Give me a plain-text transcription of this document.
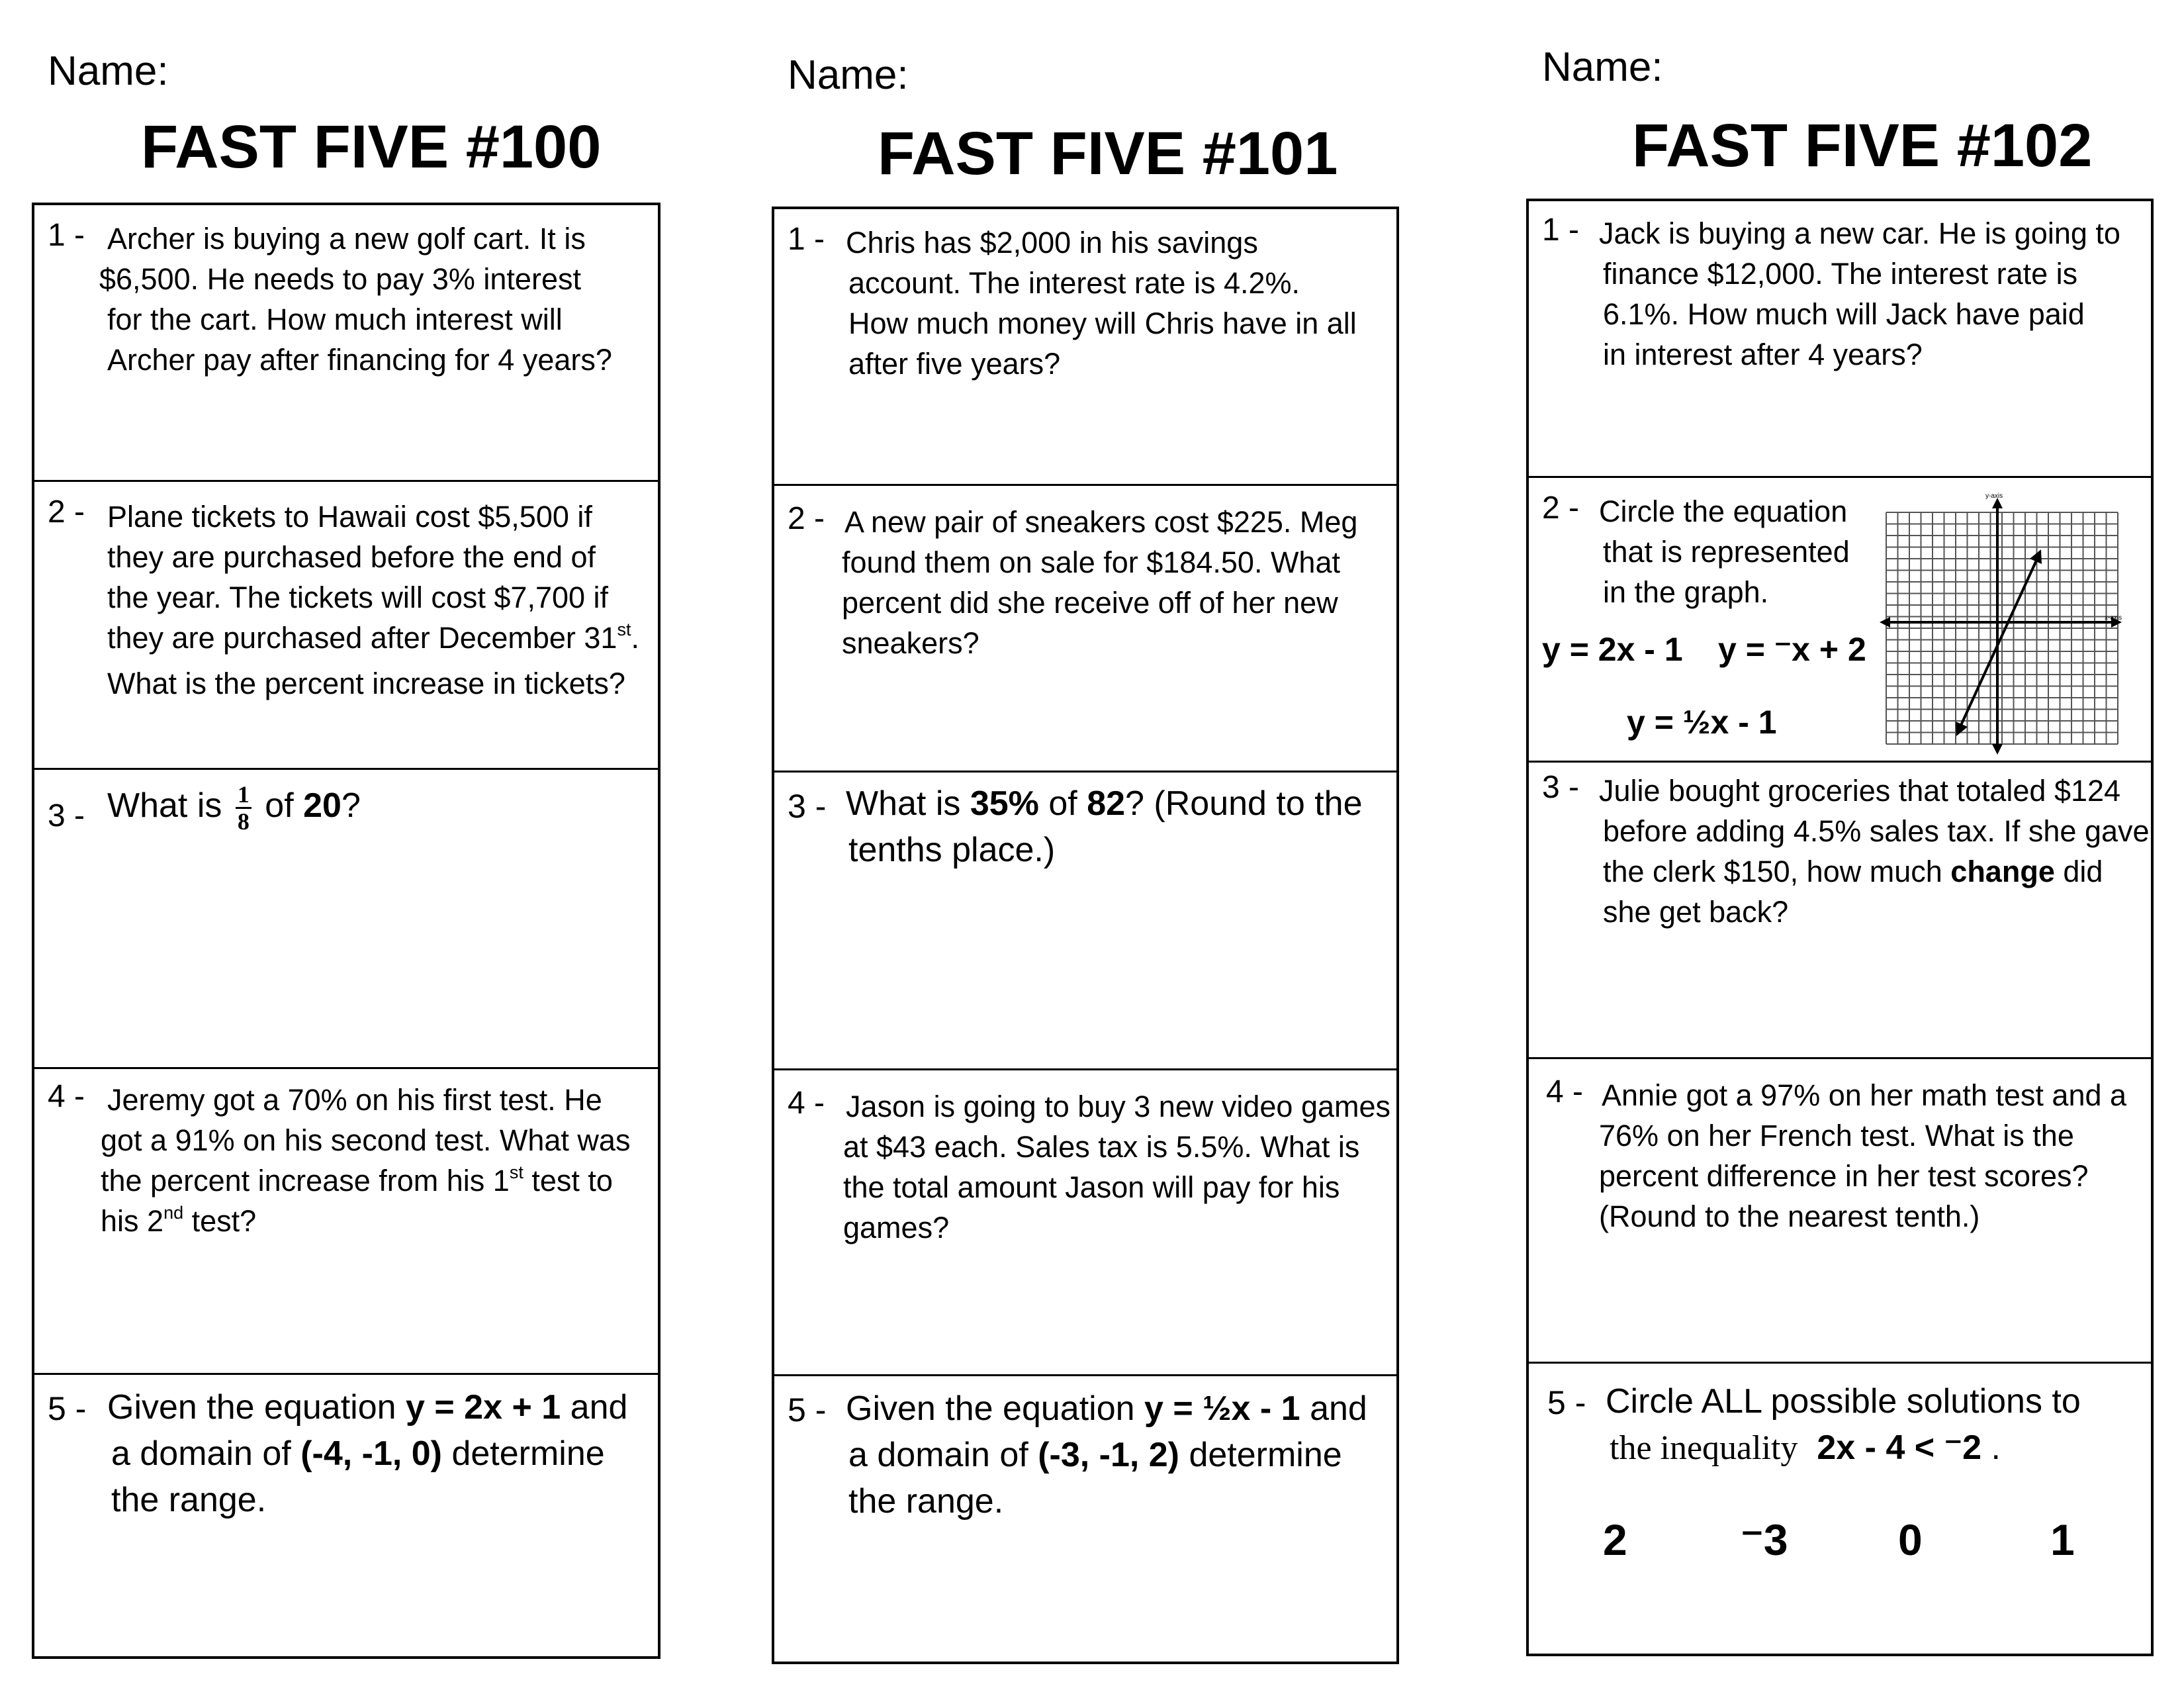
Name:
FAST FIVE #100
1 - Archer is buying a new golf cart. It is
$6,500. He needs to pay 3% interest
for the cart. How much interest will
Archer pay after financing for 4 years?
2 - Plane tickets to Hawaii cost $5,500 if
they are purchased before the end of
the year. The tickets will cost $7,700 if
they are purchased after December 31st.
What is the percent increase in tickets?
3 - What is $\frac{1}{8}$ of 20?
4 - Jeremy got a 70% on his first test. He
got a 91% on his second test. What was
the percent increase from his 1st test to
his 2nd test?
5 - Given the equation y = 2x + 1 and
a domain of (-4, -1, 0) determine
the range.
Name:
FAST FIVE #101
1 - Chris has $2,000 in his savings
account. The interest rate is 4.2%.
How much money will Chris have in all
after five years?
2 - A new pair of sneakers cost $225. Meg
found them on sale for $184.50. What
percent did she receive off of her new
sneakers?
3 - What is 35% of 82? (Round to the
tenths place.)
4 - Jason is going to buy 3 new video games
at $43 each. Sales tax is 5.5%. What is
the total amount Jason will pay for his
games?
5 - Given the equation y = ½x - 1 and
a domain of (-3, -1, 2) determine
the range.
Name:
FAST FIVE #102
1 - Jack is buying a new car. He is going to
finance $12,000. The interest rate is
6.1%. How much will Jack have paid
in interest after 4 years?
2 - Circle the equation
that is represented
in the graph.
y = 2x - 1 y = ⁻x + 2
y = ½x - 1
y-axis
x-axis
3 - Julie bought groceries that totaled $124
before adding 4.5% sales tax. If she gave
the clerk $150, how much change did
she get back?
4 - Annie got a 97% on her math test and a
76% on her French test. What is the
percent difference in her test scores?
(Round to the nearest tenth.)
5 - Circle ALL possible solutions to
the inequality 2x - 4 < ⁻2 .
2	⁻3	0	1
